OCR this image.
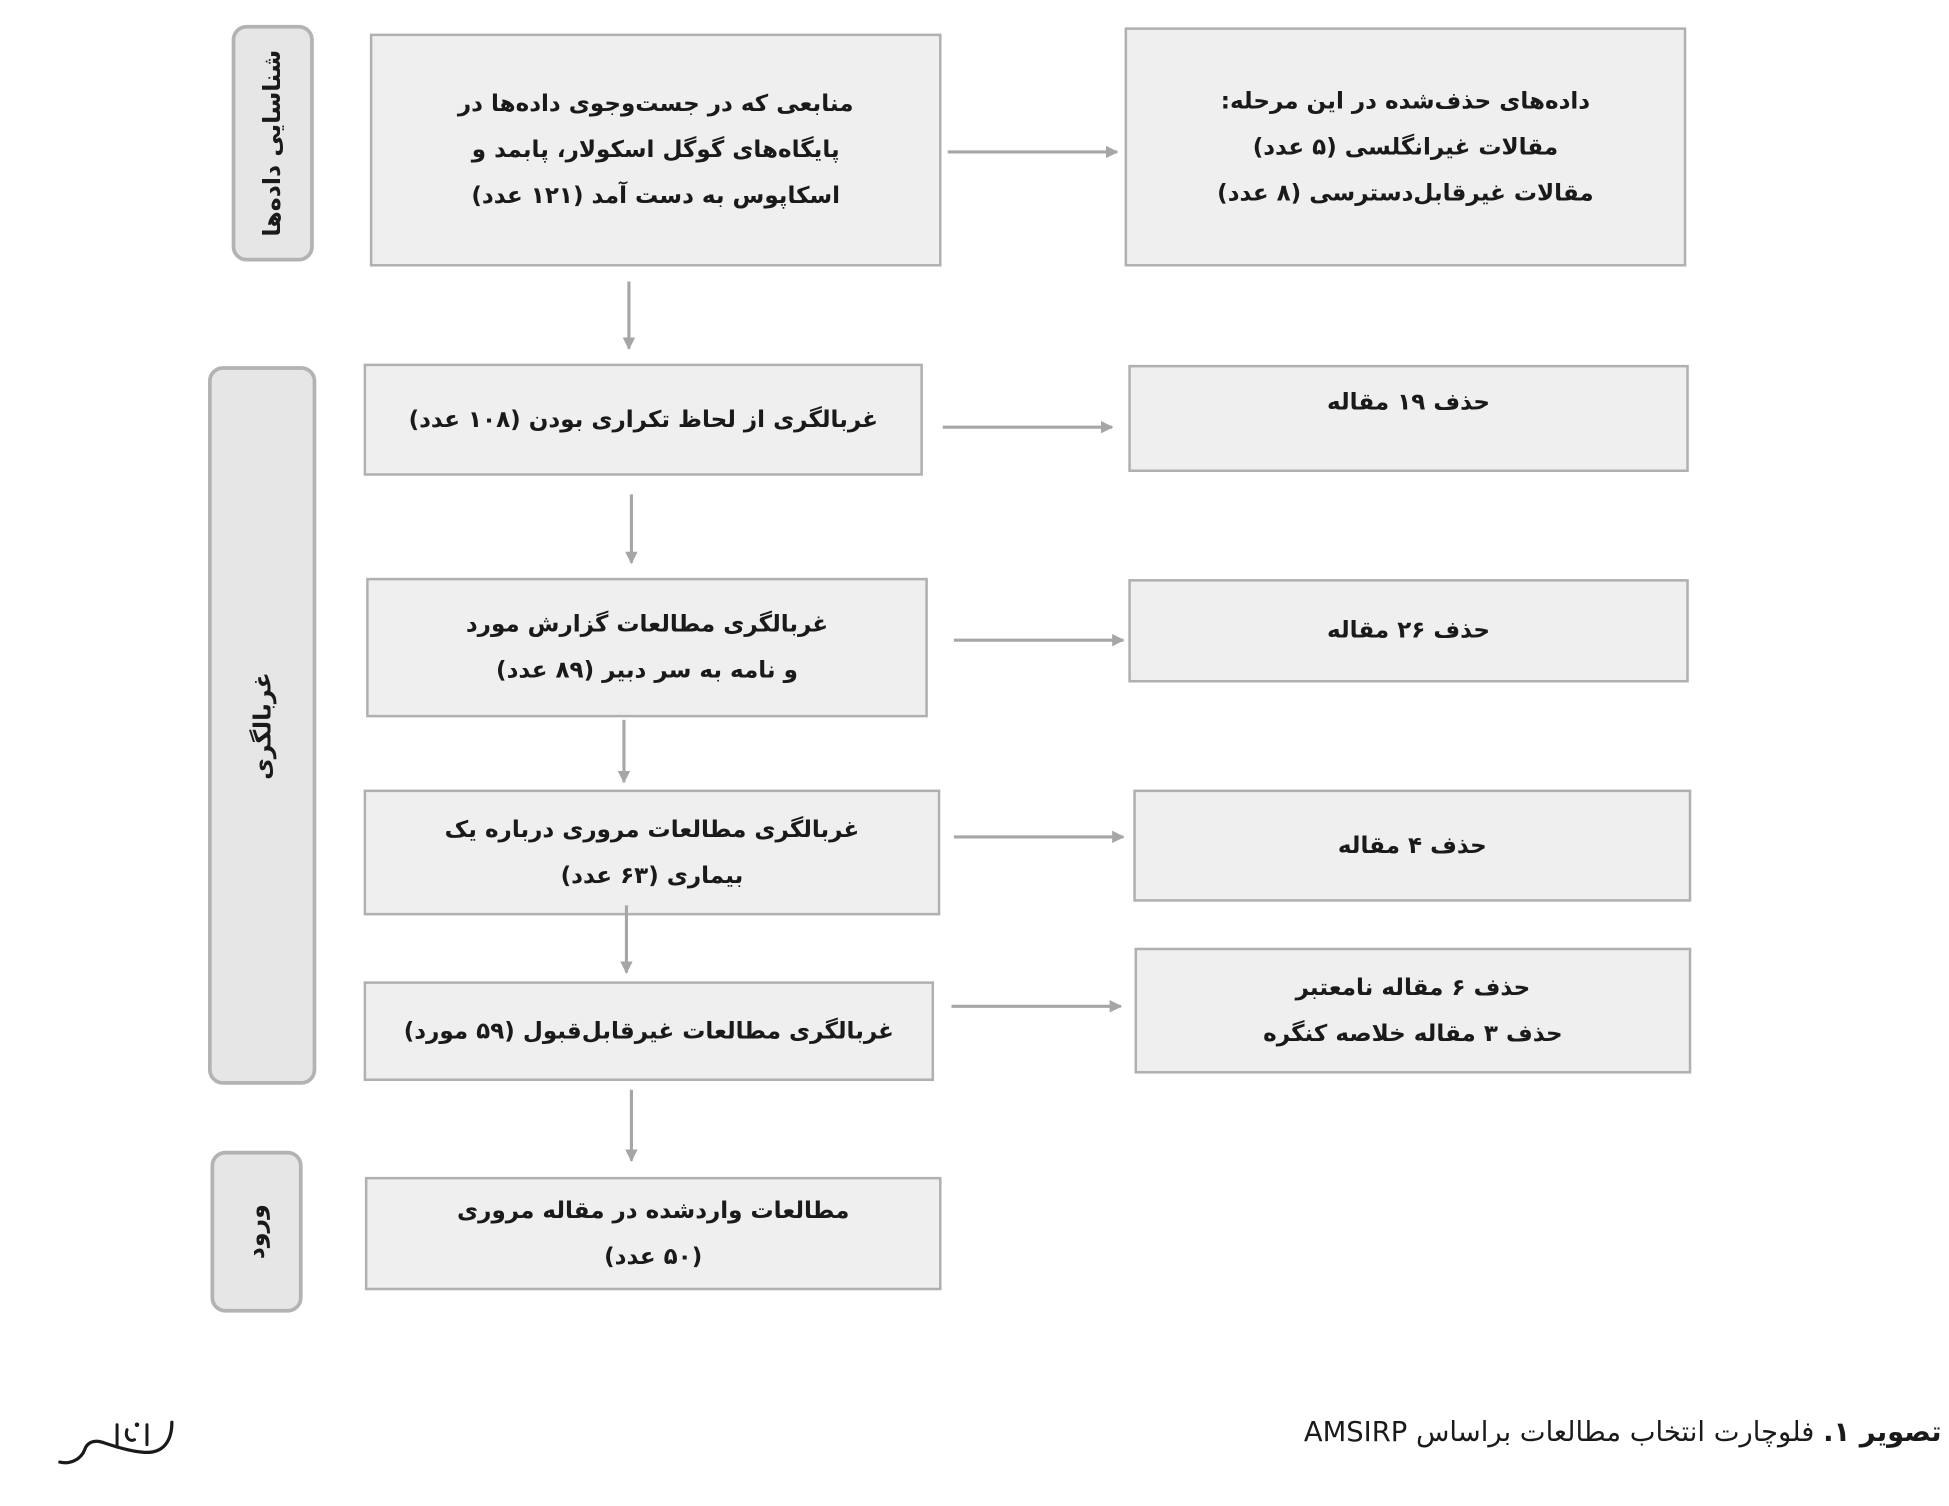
شناسایی داده‌ها
غربالگری
ورود
منابعی که در جست‌وجوی داده‌ها در
پایگاه‌های گوگل اسکولار، پابمد و
اسکاپوس به دست آمد (۱۲۱ عدد)
غربالگری از لحاظ تکراری بودن (۱۰۸ عدد)
غربالگری مطالعات گزارش مورد
و نامه به سر دبیر (۸۹ عدد)
غربالگری مطالعات مروری درباره یک
بیماری (۶۳ عدد)
غربالگری مطالعات غیرقابل‌قبول (۵۹ مورد)
مطالعات واردشده در مقاله مروری
(۵۰ عدد)
داده‌های حذف‌شده در این مرحله:
مقالات غیرانگلسی (۵ عدد)
مقالات غیرقابل‌دسترسی (۸ عدد)
حذف ۱۹ مقاله
حذف ۲۶ مقاله
حذف ۴ مقاله
حذف ۶ مقاله نامعتبر
حذف ۳ مقاله خلاصه کنگره
تصویر ۱. فلوچارت انتخاب مطالعات براساس AMSIRP
